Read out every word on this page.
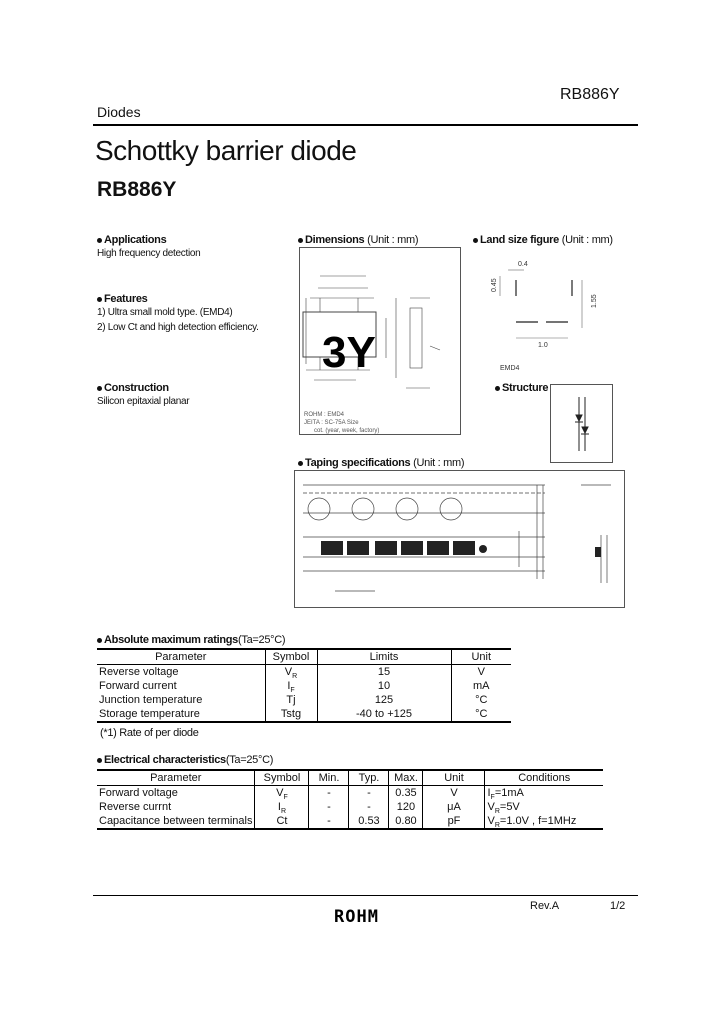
RB886Y
Diodes
Schottky barrier diode
RB886Y
Applications
High frequency detection
Features
1) Ultra small mold type. (EMD4)
2) Low Ct and high detection efficiency.
Construction
Silicon epitaxial planar
Dimensions (Unit : mm)
3Y
ROHM : EMD4
JEITA : SC-75A Size
cot. (year, week, factory)
Land size figure (Unit : mm)
0.4
0.45
1.55
1.0
EMD4
Structure
Taping specifications (Unit : mm)
Absolute maximum ratings(Ta=25°C)
Parameter	Symbol	Limits	Unit
Reverse voltage	$V_R$	15	V
Forward current	$I_F$	10	mA
Junction temperature	Tj	125	°C
Storage temperature	Tstg	-40 to +125	°C
(*1) Rate of per diode
Electrical characteristics(Ta=25°C)
Parameter	Symbol	Min.	Typ.	Max.	Unit	Conditions
Forward voltage	$V_F$	-	-	0.35	V	$I_F=1mA$
Reverse currnt	$I_R$	-	-	120	μA	$V_R=5V$
Capacitance between terminals	Ct	-	0.53	0.80	pF	$V_R=1.0V$ , f=1MHz
Rev.A	1/2
ROHM
